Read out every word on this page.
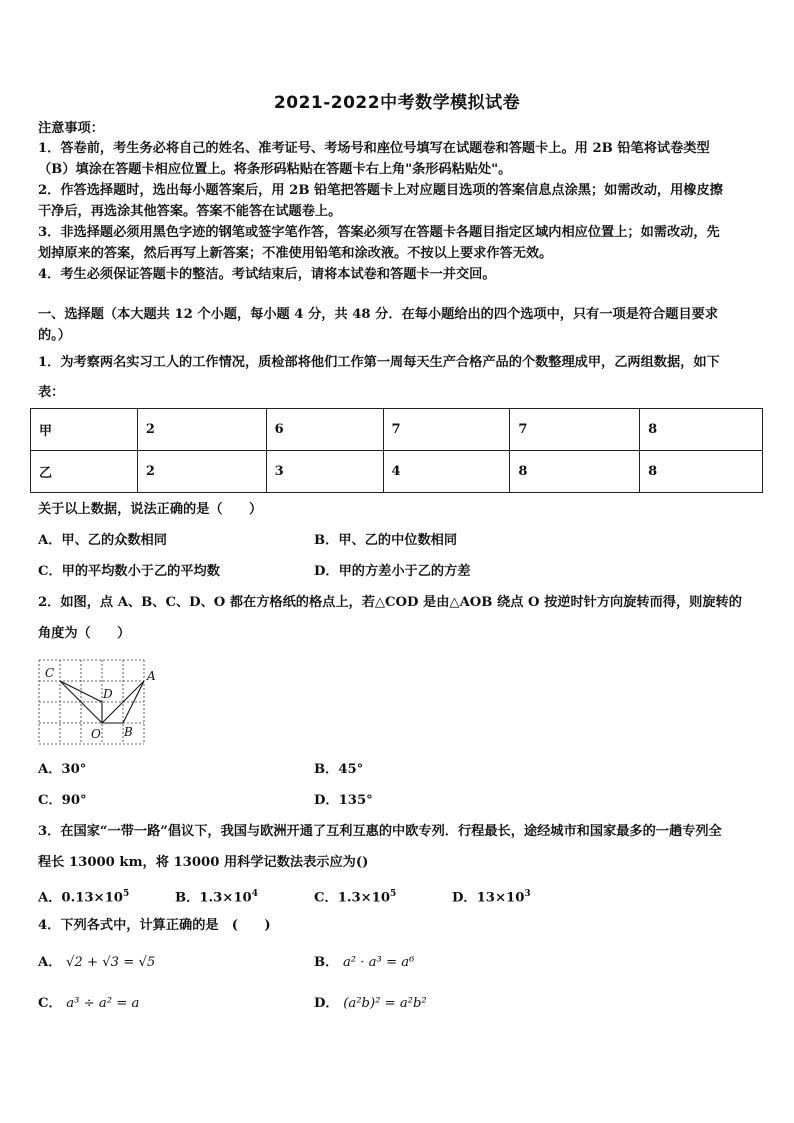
2021-2022中考数学模拟试卷
注意事项：
1．答卷前，考生务必将自己的姓名、准考证号、考场号和座位号填写在试题卷和答题卡上。用 2B 铅笔将试卷类型
（B）填涂在答题卡相应位置上。将条形码粘贴在答题卡右上角"条形码粘贴处"。
2．作答选择题时，选出每小题答案后，用 2B 铅笔把答题卡上对应题目选项的答案信息点涂黑；如需改动，用橡皮擦
干净后，再选涂其他答案。答案不能答在试题卷上。
3．非选择题必须用黑色字迹的钢笔或签字笔作答，答案必须写在答题卡各题目指定区域内相应位置上；如需改动，先
划掉原来的答案，然后再写上新答案；不准使用铅笔和涂改液。不按以上要求作答无效。
4．考生必须保证答题卡的整洁。考试结束后，请将本试卷和答题卡一并交回。
一、选择题（本大题共 12 个小题，每小题 4 分，共 48 分．在每小题给出的四个选项中，只有一项是符合题目要求
的。）
1．为考察两名实习工人的工作情况，质检部将他们工作第一周每天生产合格产品的个数整理成甲，乙两组数据，如下
表：
甲	2	6	7	7	8
乙	2	3	4	8	8
关于以上数据，说法正确的是（　　）
A．甲、乙的众数相同	B．甲、乙的中位数相同
C．甲的平均数小于乙的平均数	D．甲的方差小于乙的方差
2．如图，点 A、B、C、D、O 都在方格纸的格点上，若△COD 是由△AOB 绕点 O 按逆时针方向旋转而得，则旋转的
角度为（　　）
C	A
D
O B
A．30°	B．45°
C．90°	D．135°
3．在国家“一带一路”倡议下，我国与欧洲开通了互利互惠的中欧专列．行程最长，途经城市和国家最多的一趟专列全
程长 13000 km，将 13000 用科学记数法表示应为()
A．$0.13\times 10^5$	B．$1.3\times 10^4$	C．$1.3\times 10^5$	D．$13\times 10^3$
4．下列各式中，计算正确的是　(　　)
A． √2 + √3 = √5	B． a² · a³ = a⁶
C． a³ ÷ a² = a	D． (a²b)² = a²b²
